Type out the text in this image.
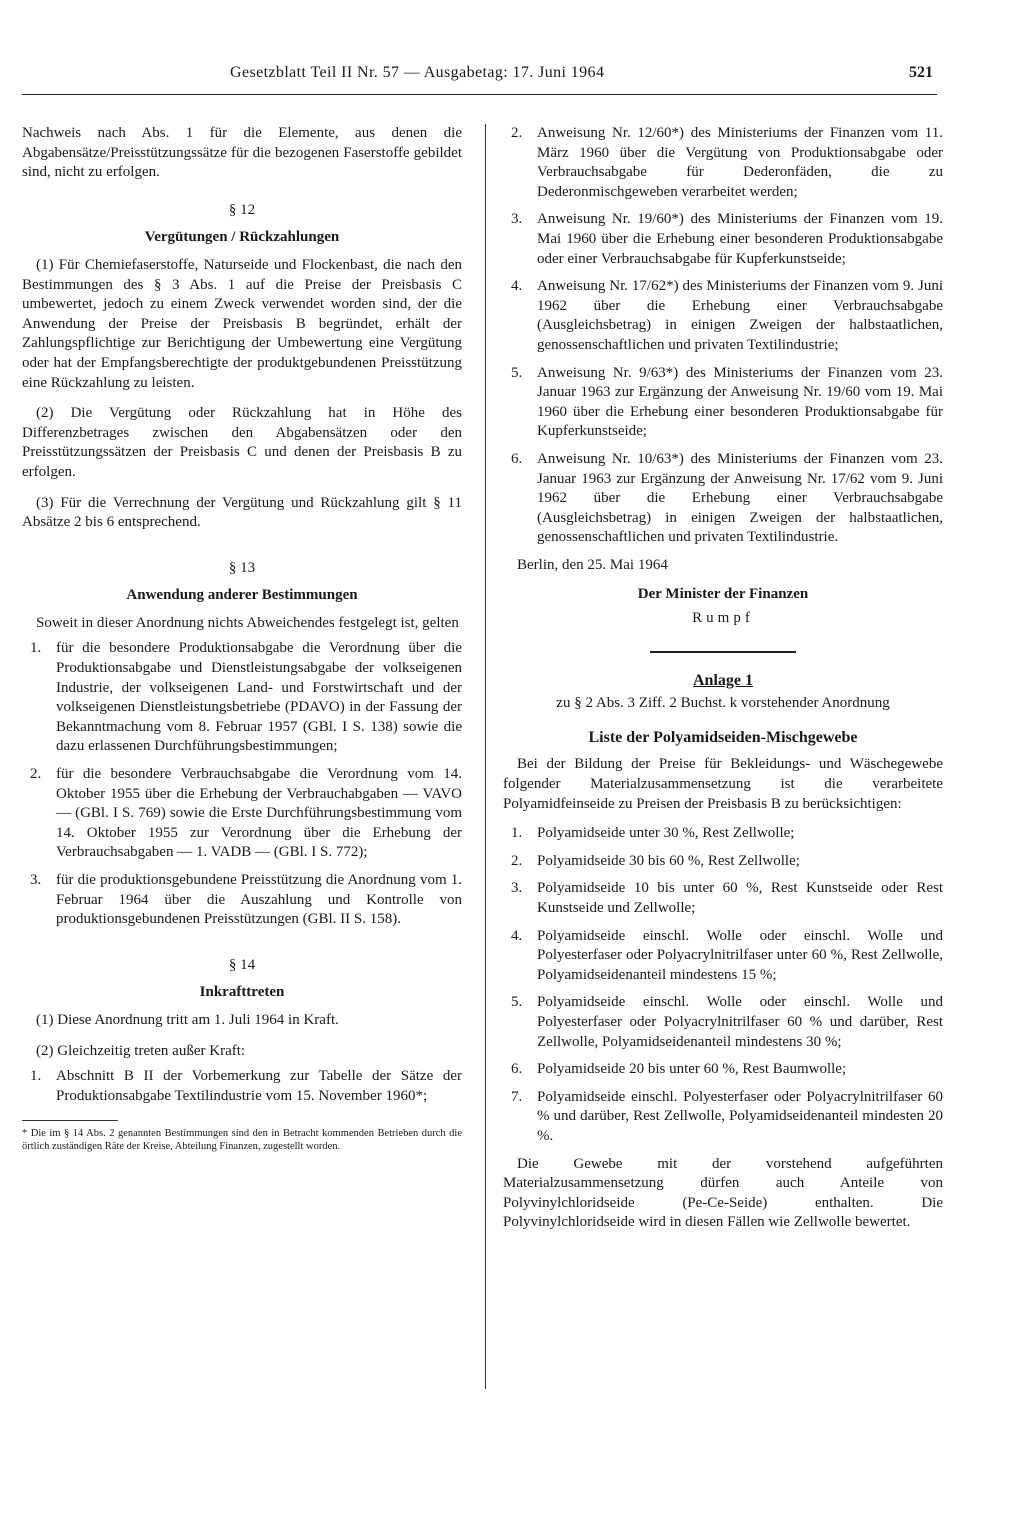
Gesetzblatt Teil II Nr. 57 — Ausgabetag: 17. Juni 1964	521

Nachweis nach Abs. 1 für die Elemente, aus denen die Abgabensätze/Preisstützungssätze für die bezogenen Faserstoffe gebildet sind, nicht zu erfolgen.

§ 12
Vergütungen / Rückzahlungen

(1) Für Chemiefaserstoffe, Naturseide und Flockenbast, die nach den Bestimmungen des § 3 Abs. 1 auf die Preise der Preisbasis C umbewertet, jedoch zu einem Zweck verwendet worden sind, der die Anwendung der Preise der Preisbasis B begründet, erhält der Zahlungspflichtige zur Berichtigung der Umbewertung eine Vergütung oder hat der Empfangsberechtigte der produktgebundenen Preisstützung eine Rückzahlung zu leisten.

(2) Die Vergütung oder Rückzahlung hat in Höhe des Differenzbetrages zwischen den Abgabensätzen oder den Preisstützungssätzen der Preisbasis C und denen der Preisbasis B zu erfolgen.

(3) Für die Verrechnung der Vergütung und Rückzahlung gilt § 11 Absätze 2 bis 6 entsprechend.

§ 13
Anwendung anderer Bestimmungen

Soweit in dieser Anordnung nichts Abweichendes festgelegt ist, gelten

1. für die besondere Produktionsabgabe die Verordnung über die Produktionsabgabe und Dienstleistungsabgabe der volkseigenen Industrie, der volkseigenen Land- und Forstwirtschaft und der volkseigenen Dienstleistungsbetriebe (PDAVO) in der Fassung der Bekanntmachung vom 8. Februar 1957 (GBl. I S. 138) sowie die dazu erlassenen Durchführungsbestimmungen;
2. für die besondere Verbrauchsabgabe die Verordnung vom 14. Oktober 1955 über die Erhebung der Verbrauchabgaben — VAVO — (GBl. I S. 769) sowie die Erste Durchführungsbestimmung vom 14. Oktober 1955 zur Verordnung über die Erhebung der Verbrauchsabgaben — 1. VADB — (GBl. I S. 772);
3. für die produktionsgebundene Preisstützung die Anordnung vom 1. Februar 1964 über die Auszahlung und Kontrolle von produktionsgebundenen Preisstützungen (GBl. II S. 158).
§ 14
Inkrafttreten

(1) Diese Anordnung tritt am 1. Juli 1964 in Kraft.

(2) Gleichzeitig treten außer Kraft:

1. Abschnitt B II der Vorbemerkung zur Tabelle der Sätze der Produktionsabgabe Textilindustrie vom 15. November 1960*;

* Die im § 14 Abs. 2 genannten Bestimmungen sind den in Betracht kommenden Betrieben durch die örtlich zuständigen Räte der Kreise, Abteilung Finanzen, zugestellt worden.

2. Anweisung Nr. 12/60*) des Ministeriums der Finanzen vom 11. März 1960 über die Vergütung von Produktionsabgabe oder Verbrauchsabgabe für Dederonfäden, die zu Dederonmischgeweben verarbeitet werden;
3. Anweisung Nr. 19/60*) des Ministeriums der Finanzen vom 19. Mai 1960 über die Erhebung einer besonderen Produktionsabgabe oder einer Verbrauchsabgabe für Kupferkunstseide;
4. Anweisung Nr. 17/62*) des Ministeriums der Finanzen vom 9. Juni 1962 über die Erhebung einer Verbrauchsabgabe (Ausgleichsbetrag) in einigen Zweigen der halbstaatlichen, genossenschaftlichen und privaten Textilindustrie;
5. Anweisung Nr. 9/63*) des Ministeriums der Finanzen vom 23. Januar 1963 zur Ergänzung der Anweisung Nr. 19/60 vom 19. Mai 1960 über die Erhebung einer besonderen Produktionsabgabe für Kupferkunstseide;
6. Anweisung Nr. 10/63*) des Ministeriums der Finanzen vom 23. Januar 1963 zur Ergänzung der Anweisung Nr. 17/62 vom 9. Juni 1962 über die Erhebung einer Verbrauchsabgabe (Ausgleichsbetrag) in einigen Zweigen der halbstaatlichen, genossenschaftlichen und privaten Textilindustrie.

Berlin, den 25. Mai 1964

Der Minister der Finanzen

Rumpf

Anlage 1

zu § 2 Abs. 3 Ziff. 2 Buchst. k vorstehender Anordnung

Liste der Polyamidseiden-Mischgewebe

Bei der Bildung der Preise für Bekleidungs- und Wäschegewebe folgender Materialzusammensetzung ist die verarbeitete Polyamidfeinseide zu Preisen der Preisbasis B zu berücksichtigen:

1. Polyamidseide unter 30 %, Rest Zellwolle;
2. Polyamidseide 30 bis 60 %, Rest Zellwolle;
3. Polyamidseide 10 bis unter 60 %, Rest Kunstseide oder Rest Kunstseide und Zellwolle;
4. Polyamidseide einschl. Wolle oder einschl. Wolle und Polyesterfaser oder Polyacrylnitrilfaser unter 60 %, Rest Zellwolle, Polyamidseidenanteil mindestens 15 %;
5. Polyamidseide einschl. Wolle oder einschl. Wolle und Polyesterfaser oder Polyacrylnitrilfaser 60 % und darüber, Rest Zellwolle, Polyamidseidenanteil mindestens 30 %;
6. Polyamidseide 20 bis unter 60 %, Rest Baumwolle;
7. Polyamidseide einschl. Polyesterfaser oder Polyacrylnitrilfaser 60 % und darüber, Rest Zellwolle, Polyamidseidenanteil mindesten 20 %.

Die Gewebe mit der vorstehend aufgeführten Materialzusammensetzung dürfen auch Anteile von Polyvinylchloridseide (Pe-Ce-Seide) enthalten. Die Polyvinylchloridseide wird in diesen Fällen wie Zellwolle bewertet.
